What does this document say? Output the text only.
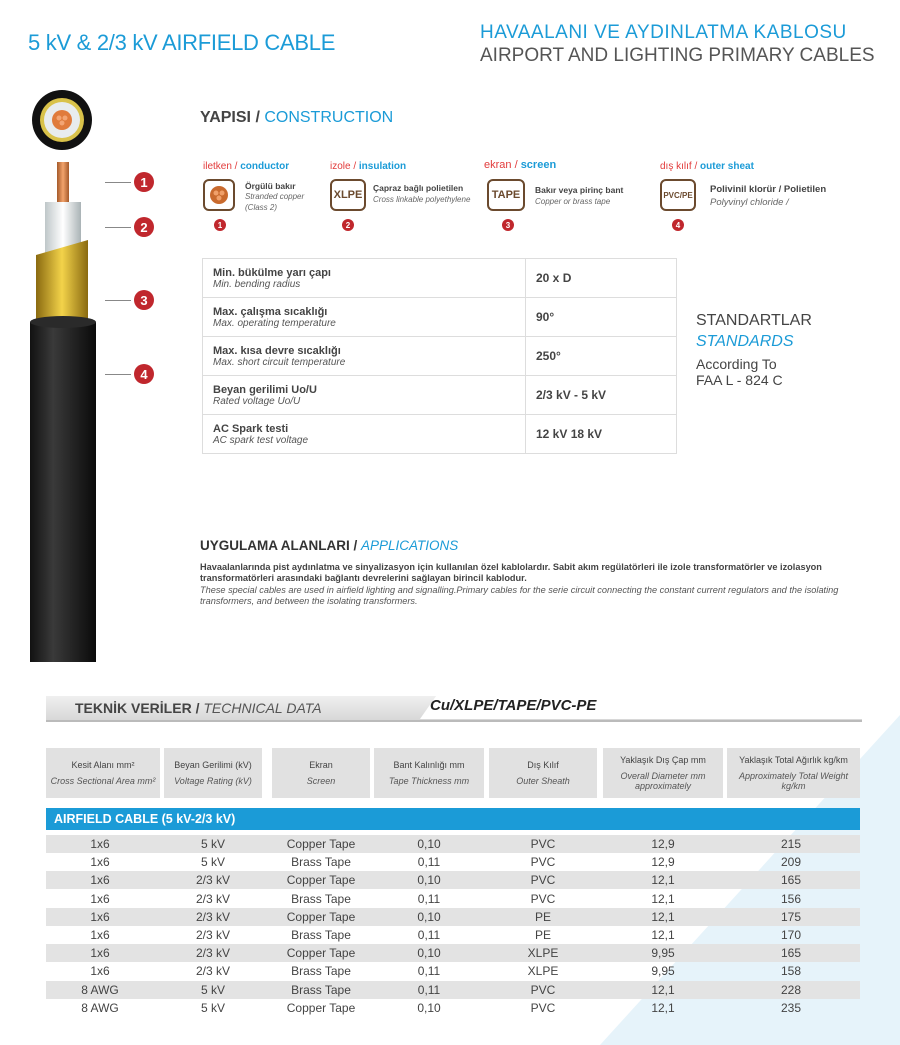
5 kV & 2/3 kV AIRFIELD CABLE	HAVAALANI VE AYDINLATMA KABLOSU
AIRPORT AND LIGHTING PRIMARY CABLES
1
2
3
4
YAPISI / CONSTRUCTION
iletken / conductor
Örgülü bakır
Stranded copper
(Class 2)
1
izole / insulation
XLPE
Çapraz bağlı polietilen
Cross linkable polyethylene
2
ekran / screen
TAPE	Bakır veya pirinç bant
Copper or brass tape
3
dış kılıf / outer sheat
PVC/PE	Polivinil klorür / Polietilen
Polyvinyl chloride /
4
Min. bükülme yarı çapı
Min. bending radius	20 x D

Max. çalışma sıcaklığı
Max. operating temperature	90°

Max. kısa devre sıcaklığı
Max. short circuit temperature	250°

Beyan gerilimi Uo/U
Rated voltage Uo/U	2/3 kV - 5 kV

AC Spark testi
AC spark test voltage	12 kV 18 kV
STANDARTLAR
STANDARDS
According To
FAA L - 824 C
UYGULAMA ALANLARI / APPLICATIONS
Havaalanlarında pist aydınlatma ve sinyalizasyon için kullanılan özel kablolardır. Sabit akım regülatörleri ile izole transformatörler ve izolasyon transformatörleri arasındaki bağlantı devrelerini sağlayan birincil kablodur.
These special cables are used in airfield lighting and signalling.Primary cables for the serie circuit connecting the constant current regulators and the isolating transformers, and between the isolating transformers.
TEKNİK VERİLER / TECHNICAL DATA	Cu/XLPE/TAPE/PVC-PE
Kesit Alanı mm²
Cross Sectional Area mm²
Beyan Gerilimi (kV)
Voltage Rating (kV)
Ekran
Screen
Bant Kalınlığı mm
Tape Thickness mm
Dış Kılıf
Outer Sheath
Yaklaşık Dış Çap mm
Overall Diameter mm approximately
Yaklaşık Total Ağırlık kg/km
Approximately Total Weight kg/km
AIRFIELD CABLE (5 kV-2/3 kV)
1x6	5 kV	Copper Tape	0,10	PVC	12,9	215
1x6	5 kV	Brass Tape	0,11	PVC	12,9	209
1x6	2/3 kV	Copper Tape	0,10	PVC	12,1	165
1x6	2/3 kV	Brass Tape	0,11	PVC	12,1	156
1x6	2/3 kV	Copper Tape	0,10	PE	12,1	175
1x6	2/3 kV	Brass Tape	0,11	PE	12,1	170
1x6	2/3 kV	Copper Tape	0,10	XLPE	9,95	165
1x6	2/3 kV	Brass Tape	0,11	XLPE	9,95	158
8 AWG	5 kV	Brass Tape	0,11	PVC	12,1	228
8 AWG	5 kV	Copper Tape	0,10	PVC	12,1	235
